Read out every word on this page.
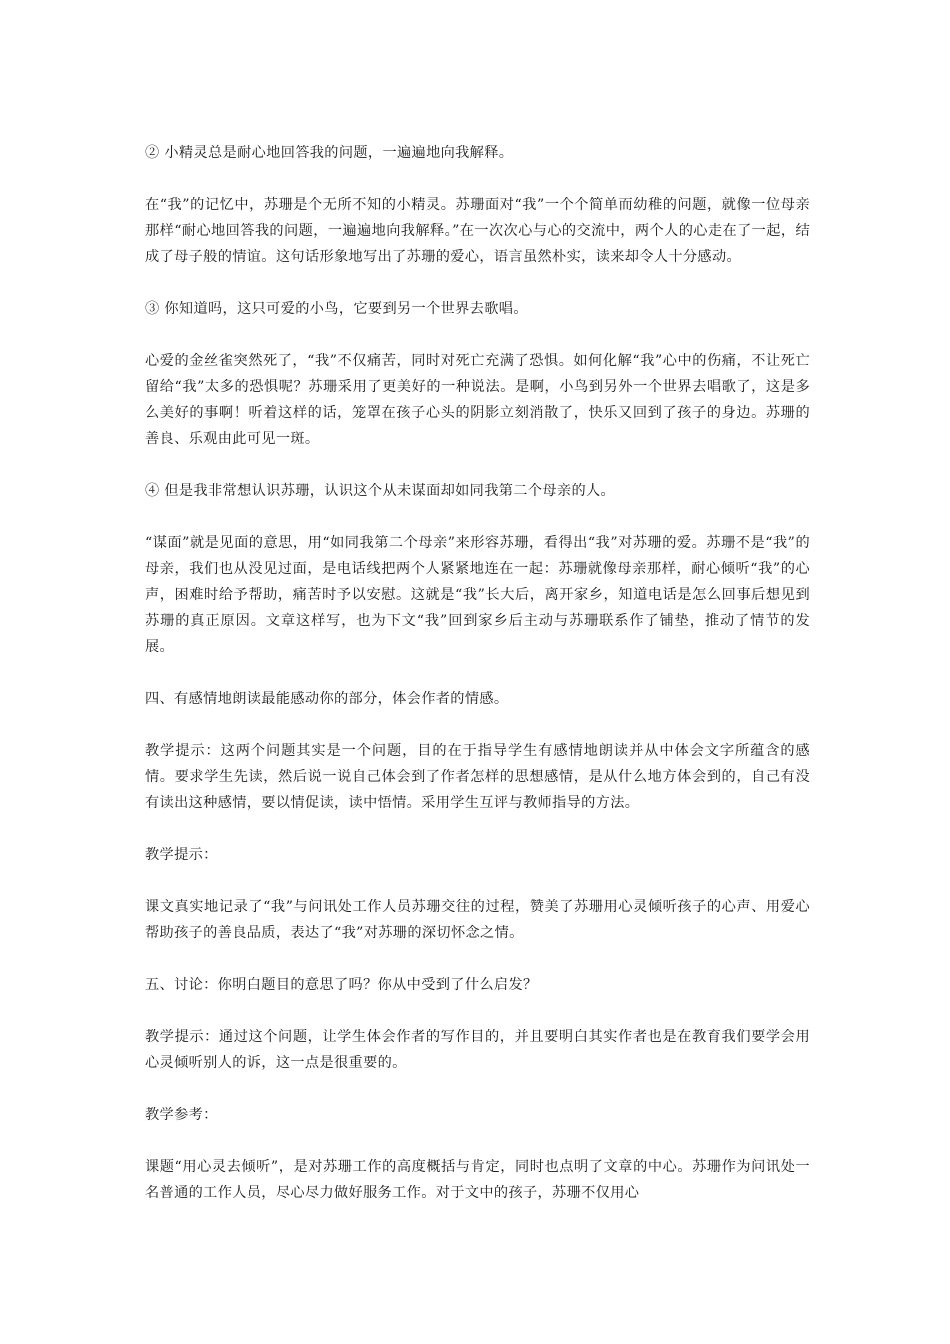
② 小精灵总是耐心地回答我的问题，一遍遍地向我解释。

在“我”的记忆中，苏珊是个无所不知的小精灵。苏珊面对“我”一个个简单而幼稚的问题，就像一位母亲那样“耐心地回答我的问题，一遍遍地向我解释。”在一次次心与心的交流中，两个人的心走在了一起，结成了母子般的情谊。这句话形象地写出了苏珊的爱心，语言虽然朴实，读来却令人十分感动。

③ 你知道吗，这只可爱的小鸟，它要到另一个世界去歌唱。

心爱的金丝雀突然死了，“我”不仅痛苦，同时对死亡充满了恐惧。如何化解“我”心中的伤痛，不让死亡留给“我”太多的恐惧呢？苏珊采用了更美好的一种说法。是啊，小鸟到另外一个世界去唱歌了，这是多么美好的事啊！听着这样的话，笼罩在孩子心头的阴影立刻消散了，快乐又回到了孩子的身边。苏珊的善良、乐观由此可见一斑。

④ 但是我非常想认识苏珊，认识这个从未谋面却如同我第二个母亲的人。

“谋面”就是见面的意思，用“如同我第二个母亲”来形容苏珊，看得出“我”对苏珊的爱。苏珊不是“我”的母亲，我们也从没见过面，是电话线把两个人紧紧地连在一起：苏珊就像母亲那样，耐心倾听“我”的心声，困难时给予帮助，痛苦时予以安慰。这就是“我”长大后，离开家乡，知道电话是怎么回事后想见到苏珊的真正原因。文章这样写，也为下文“我”回到家乡后主动与苏珊联系作了铺垫，推动了情节的发展。

四、有感情地朗读最能感动你的部分，体会作者的情感。

教学提示：这两个问题其实是一个问题，目的在于指导学生有感情地朗读并从中体会文字所蕴含的感情。要求学生先读，然后说一说自己体会到了作者怎样的思想感情，是从什么地方体会到的，自己有没有读出这种感情，要以情促读，读中悟情。采用学生互评与教师指导的方法。

教学提示：

课文真实地记录了“我”与问讯处工作人员苏珊交往的过程，赞美了苏珊用心灵倾听孩子的心声、用爱心帮助孩子的善良品质，表达了“我”对苏珊的深切怀念之情。

五、讨论：你明白题目的意思了吗？你从中受到了什么启发？

教学提示：通过这个问题，让学生体会作者的写作目的，并且要明白其实作者也是在教育我们要学会用心灵倾听别人的诉，这一点是很重要的。

教学参考：

课题“用心灵去倾听”，是对苏珊工作的高度概括与肯定，同时也点明了文章的中心。苏珊作为问讯处一名普通的工作人员，尽心尽力做好服务工作。对于文中的孩子，苏珊不仅用心
